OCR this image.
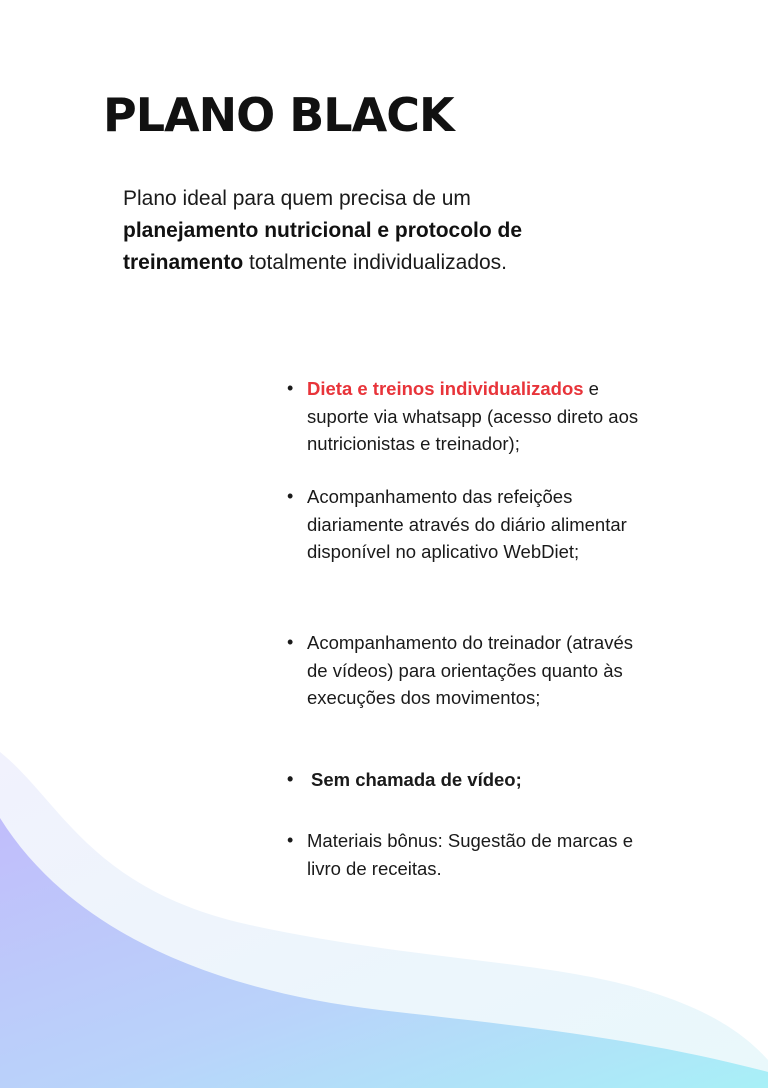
PLANO BLACK

Plano ideal para quem precisa de um planejamento nutricional e protocolo de treinamento totalmente individualizados.

• Dieta e treinos individualizados e suporte via whatsapp (acesso direto aos nutricionistas e treinador);
• Acompanhamento das refeições diariamente através do diário alimentar disponível no aplicativo WebDiet;
• Acompanhamento do treinador (através de vídeos) para orientações quanto às execuções dos movimentos;
• Sem chamada de vídeo;
• Materiais bônus: Sugestão de marcas e livro de receitas.
